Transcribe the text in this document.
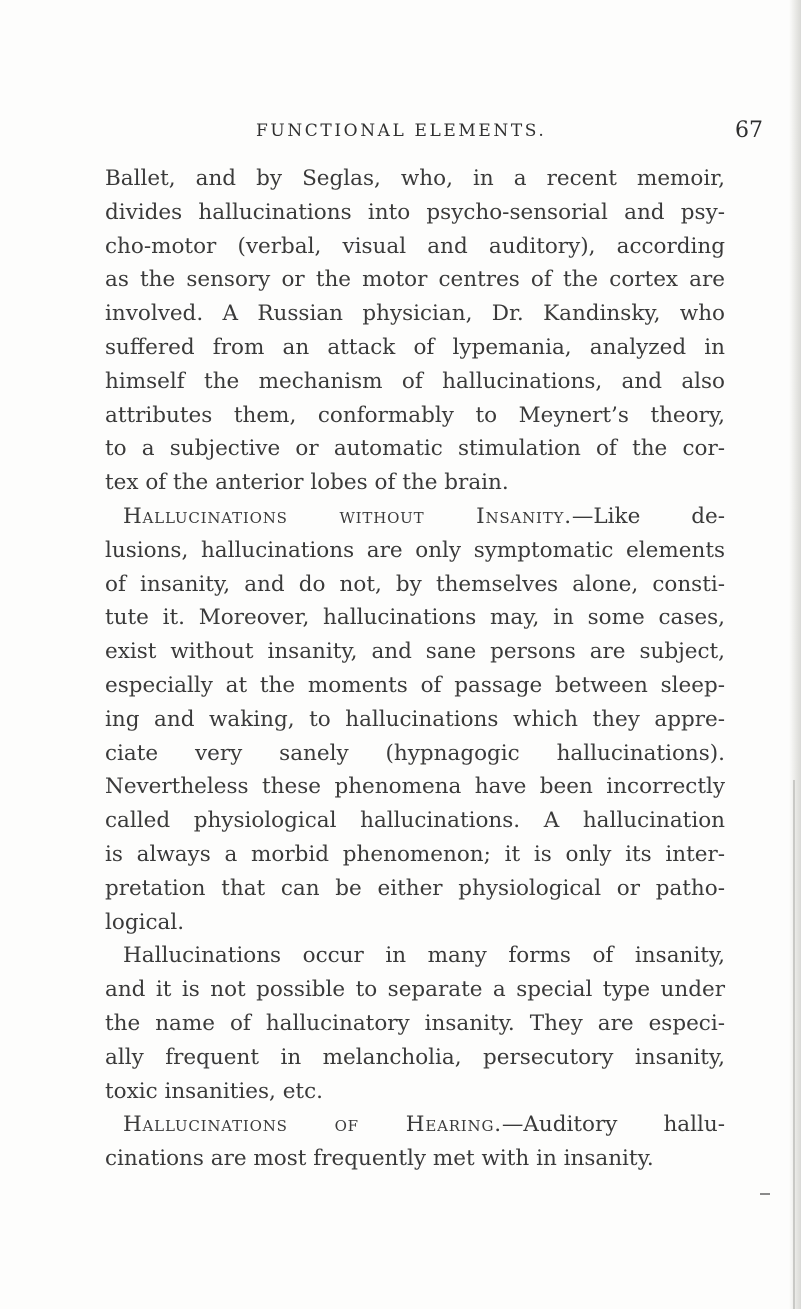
FUNCTIONAL ELEMENTS.	67
Ballet, and by Seglas, who, in a recent memoir,
divides hallucinations into psycho-sensorial and psy-
cho-motor (verbal, visual and auditory), according
as the sensory or the motor centres of the cortex are
involved. A Russian physician, Dr. Kandinsky, who
suffered from an attack of lypemania, analyzed in
himself the mechanism of hallucinations, and also
attributes them, conformably to Meynert’s theory,
to a subjective or automatic stimulation of the cor-
tex of the anterior lobes of the brain.
Hallucinations without Insanity.—Like de-
lusions, hallucinations are only symptomatic elements
of insanity, and do not, by themselves alone, consti-
tute it. Moreover, hallucinations may, in some cases,
exist without insanity, and sane persons are subject,
especially at the moments of passage between sleep-
ing and waking, to hallucinations which they appre-
ciate very sanely (hypnagogic hallucinations).
Nevertheless these phenomena have been incorrectly
called physiological hallucinations. A hallucination
is always a morbid phenomenon; it is only its inter-
pretation that can be either physiological or patho-
logical.
Hallucinations occur in many forms of insanity,
and it is not possible to separate a special type under
the name of hallucinatory insanity. They are especi-
ally frequent in melancholia, persecutory insanity,
toxic insanities, etc.
Hallucinations of Hearing.—Auditory hallu-
cinations are most frequently met with in insanity.
